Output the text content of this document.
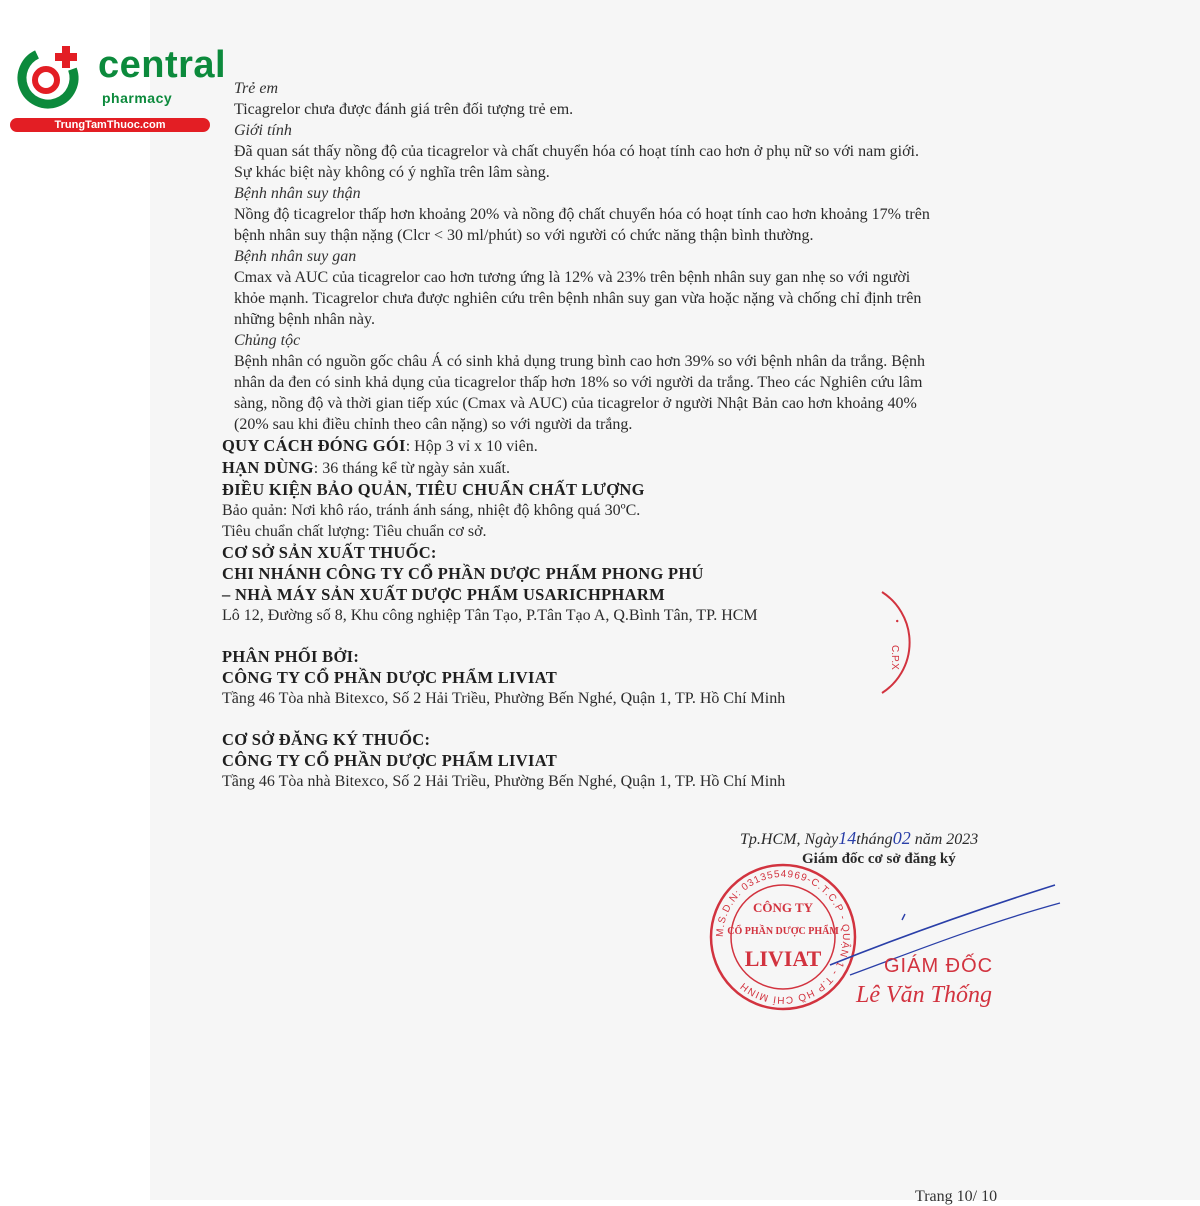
central
pharmacy
TrungTamThuoc.com
Trẻ em
Ticagrelor chưa được đánh giá trên đối tượng trẻ em.
Giới tính
Đã quan sát thấy nồng độ của ticagrelor và chất chuyển hóa có hoạt tính cao hơn ở phụ nữ so với nam giới.
Sự khác biệt này không có ý nghĩa trên lâm sàng.
Bệnh nhân suy thận
Nồng độ ticagrelor thấp hơn khoảng 20% và nồng độ chất chuyển hóa có hoạt tính cao hơn khoảng 17% trên
bệnh nhân suy thận nặng (Clcr < 30 ml/phút) so với người có chức năng thận bình thường.
Bệnh nhân suy gan
Cmax và AUC của ticagrelor cao hơn tương ứng là 12% và 23% trên bệnh nhân suy gan nhẹ so với người
khỏe mạnh. Ticagrelor chưa được nghiên cứu trên bệnh nhân suy gan vừa hoặc nặng và chống chỉ định trên
những bệnh nhân này.
Chủng tộc
Bệnh nhân có nguồn gốc châu Á có sinh khả dụng trung bình cao hơn 39% so với bệnh nhân da trắng. Bệnh
nhân da đen có sinh khả dụng của ticagrelor thấp hơn 18% so với người da trắng. Theo các Nghiên cứu lâm
sàng, nồng độ và thời gian tiếp xúc (Cmax và AUC) của ticagrelor ở người Nhật Bản cao hơn khoảng 40%
(20% sau khi điều chỉnh theo cân nặng) so với người da trắng.
QUY CÁCH ĐÓNG GÓI: Hộp 3 vỉ x 10 viên.
HẠN DÙNG: 36 tháng kể từ ngày sản xuất.
ĐIỀU KIỆN BẢO QUẢN, TIÊU CHUẨN CHẤT LƯỢNG
Bảo quản: Nơi khô ráo, tránh ánh sáng, nhiệt độ không quá 30ºC.
Tiêu chuẩn chất lượng: Tiêu chuẩn cơ sở.
CƠ SỞ SẢN XUẤT THUỐC:
CHI NHÁNH CÔNG TY CỔ PHẦN DƯỢC PHẨM PHONG PHÚ
– NHÀ MÁY SẢN XUẤT DƯỢC PHẨM USARICHPHARM
Lô 12, Đường số 8, Khu công nghiệp Tân Tạo, P.Tân Tạo A, Q.Bình Tân, TP. HCM
PHÂN PHỐI BỞI:
CÔNG TY CỔ PHẦN DƯỢC PHẨM LIVIAT
Tầng 46 Tòa nhà Bitexco, Số 2 Hải Triều, Phường Bến Nghé, Quận 1, TP. Hồ Chí Minh
CƠ SỞ ĐĂNG KÝ THUỐC:
CÔNG TY CỔ PHẦN DƯỢC PHẨM LIVIAT
Tầng 46 Tòa nhà Bitexco, Số 2 Hải Triều, Phường Bến Nghé, Quận 1, TP. Hồ Chí Minh
•
C.P.X
Tp.HCM, Ngày14tháng02 năm 2023
Giám đốc cơ sở đăng ký
M.S.D.N: 0313554969-C.T.C.P - QUẬN 1 - T.P HỒ CHÍ MINH
CÔNG TY
CỔ PHẦN DƯỢC PHẨM
LIVIAT	GIÁM ĐỐC
Lê Văn Thống
Trang 10/ 10
